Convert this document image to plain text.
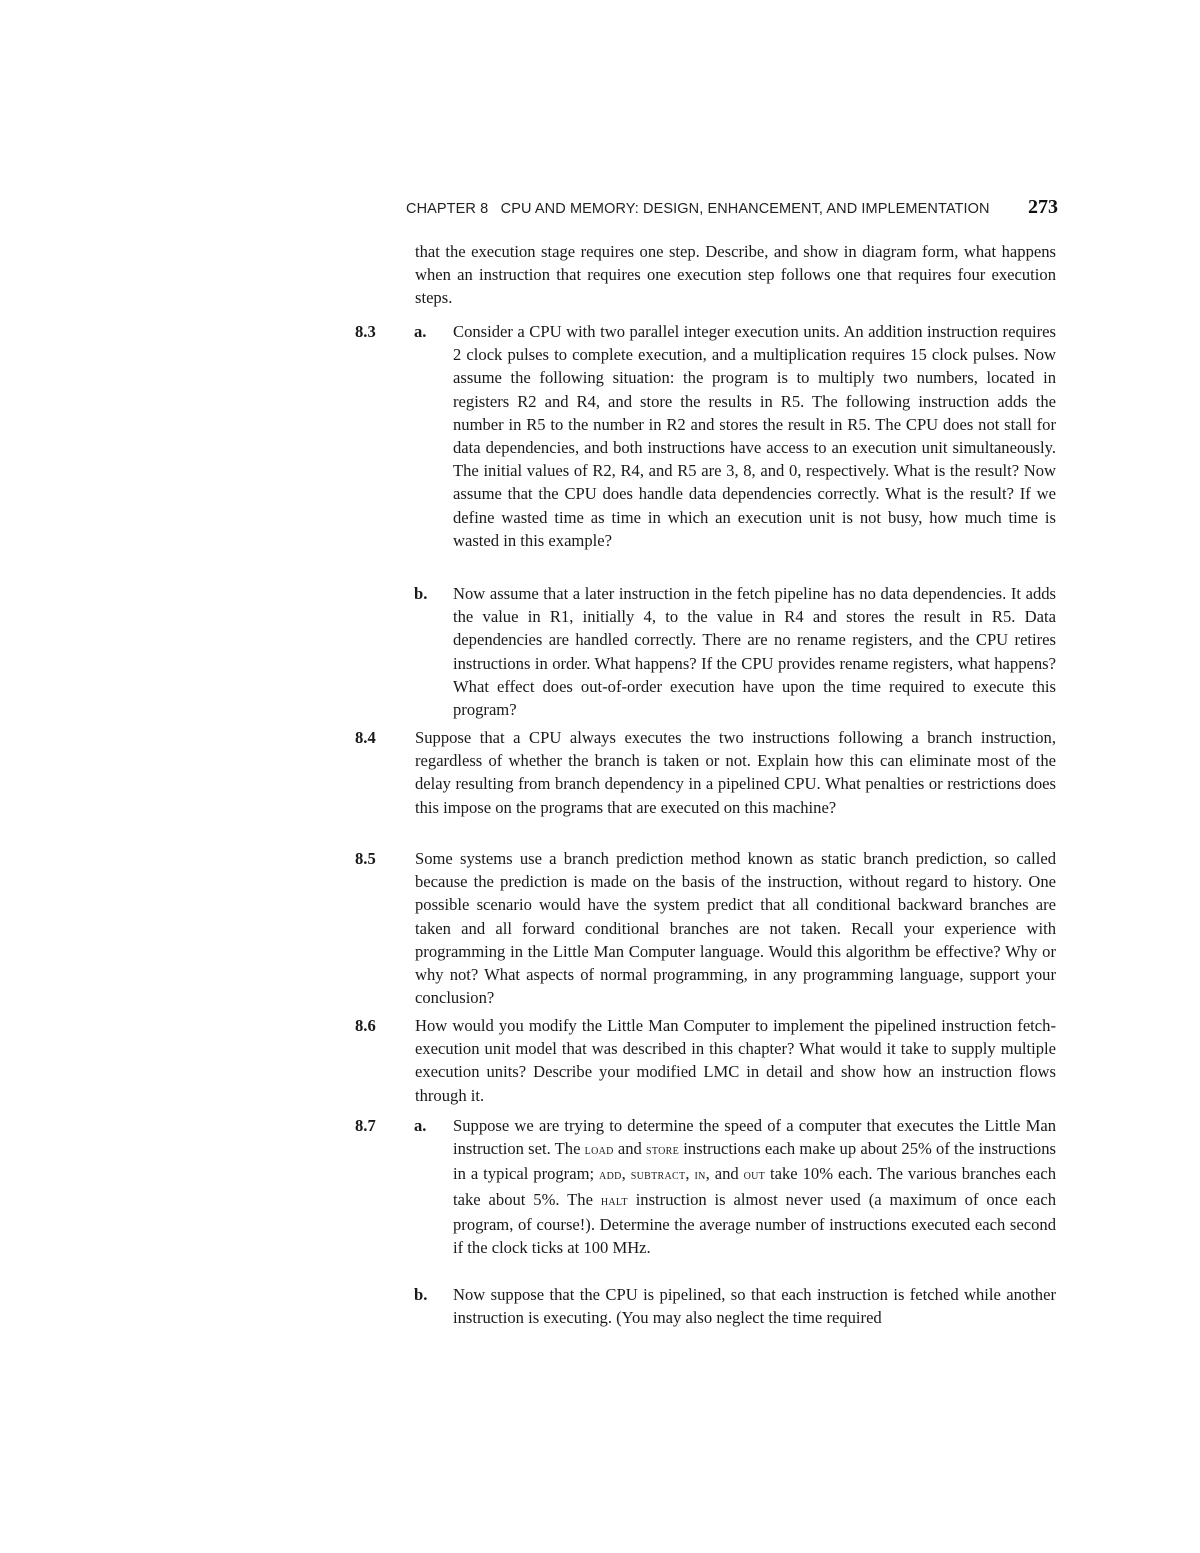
CHAPTER 8 CPU AND MEMORY: DESIGN, ENHANCEMENT, AND IMPLEMENTATION 273
that the execution stage requires one step. Describe, and show in diagram form, what happens when an instruction that requires one execution step follows one that requires four execution steps.
8.3 a. Consider a CPU with two parallel integer execution units. An addition instruction requires 2 clock pulses to complete execution, and a multiplication requires 15 clock pulses. Now assume the following situation: the program is to multiply two numbers, located in registers R2 and R4, and store the results in R5. The following instruction adds the number in R5 to the number in R2 and stores the result in R5. The CPU does not stall for data dependencies, and both instructions have access to an execution unit simultaneously. The initial values of R2, R4, and R5 are 3, 8, and 0, respectively. What is the result? Now assume that the CPU does handle data dependencies correctly. What is the result? If we define wasted time as time in which an execution unit is not busy, how much time is wasted in this example?
b. Now assume that a later instruction in the fetch pipeline has no data dependencies. It adds the value in R1, initially 4, to the value in R4 and stores the result in R5. Data dependencies are handled correctly. There are no rename registers, and the CPU retires instructions in order. What happens? If the CPU provides rename registers, what happens? What effect does out-of-order execution have upon the time required to execute this program?
8.4 Suppose that a CPU always executes the two instructions following a branch instruction, regardless of whether the branch is taken or not. Explain how this can eliminate most of the delay resulting from branch dependency in a pipelined CPU. What penalties or restrictions does this impose on the programs that are executed on this machine?
8.5 Some systems use a branch prediction method known as static branch prediction, so called because the prediction is made on the basis of the instruction, without regard to history. One possible scenario would have the system predict that all conditional backward branches are taken and all forward conditional branches are not taken. Recall your experience with programming in the Little Man Computer language. Would this algorithm be effective? Why or why not? What aspects of normal programming, in any programming language, support your conclusion?
8.6 How would you modify the Little Man Computer to implement the pipelined instruction fetch-execution unit model that was described in this chapter? What would it take to supply multiple execution units? Describe your modified LMC in detail and show how an instruction flows through it.
8.7 a. Suppose we are trying to determine the speed of a computer that executes the Little Man instruction set. The load and store instructions each make up about 25% of the instructions in a typical program; add, subtract, in, and out take 10% each. The various branches each take about 5%. The halt instruction is almost never used (a maximum of once each program, of course!). Determine the average number of instructions executed each second if the clock ticks at 100 MHz.
b. Now suppose that the CPU is pipelined, so that each instruction is fetched while another instruction is executing. (You may also neglect the time required
